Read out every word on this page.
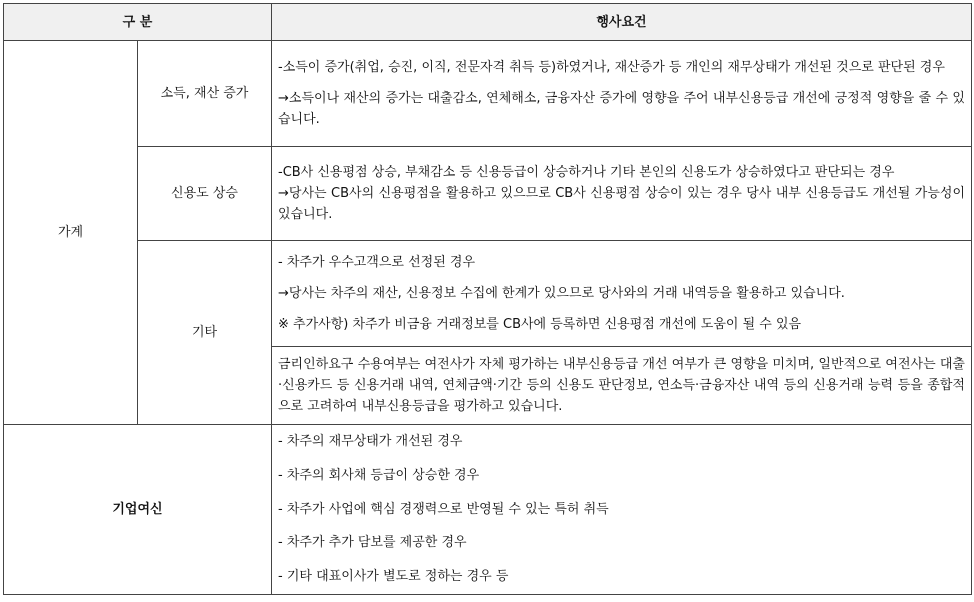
구 분		행사요건
가계	소득, 재산 증가	-소득이 증가(취업, 승진, 이직, 전문자격 취득 등)하였거나, 재산증가 등 개인의 재무상태가 개선된 것으로 판단된 경우

→소득이나 재산의 증가는 대출감소, 연체해소, 금융자산 증가에 영향을 주어 내부신용등급 개선에 긍정적 영향을 줄 수 있습니다.

	신용도 상승	-CB사 신용평점 상승, 부채감소 등 신용등급이 상승하거나 기타 본인의 신용도가 상승하였다고 판단되는 경우

→당사는 CB사의 신용평점을 활용하고 있으므로 CB사 신용평점 상승이 있는 경우 당사 내부 신용등급도 개선될 가능성이 있습니다.

	기타	- 차주가 우수고객으로 선정된 경우

→당사는 차주의 재산, 신용정보 수집에 한계가 있으므로 당사와의 거래 내역등을 활용하고 있습니다.

※ 추가사항) 차주가 비금융 거래정보를 CB사에 등록하면 신용평점 개선에 도움이 될 수 있음

		금리인하요구 수용여부는 여전사가 자체 평가하는 내부신용등급 개선 여부가 큰 영향을 미치며, 일반적으로 여전사는 대출·신용카드 등 신용거래 내역, 연체금액·기간 등의 신용도 판단정보, 연소득·금융자산 내역 등의 신용거래 능력 등을 종합적으로 고려하여 내부신용등급을 평가하고 있습니다.

기업여신		- 차주의 재무상태가 개선된 경우

- 차주의 회사채 등급이 상승한 경우

- 차주가 사업에 핵심 경쟁력으로 반영될 수 있는 특허 취득

- 차주가 추가 담보를 제공한 경우

- 기타 대표이사가 별도로 정하는 경우 등
